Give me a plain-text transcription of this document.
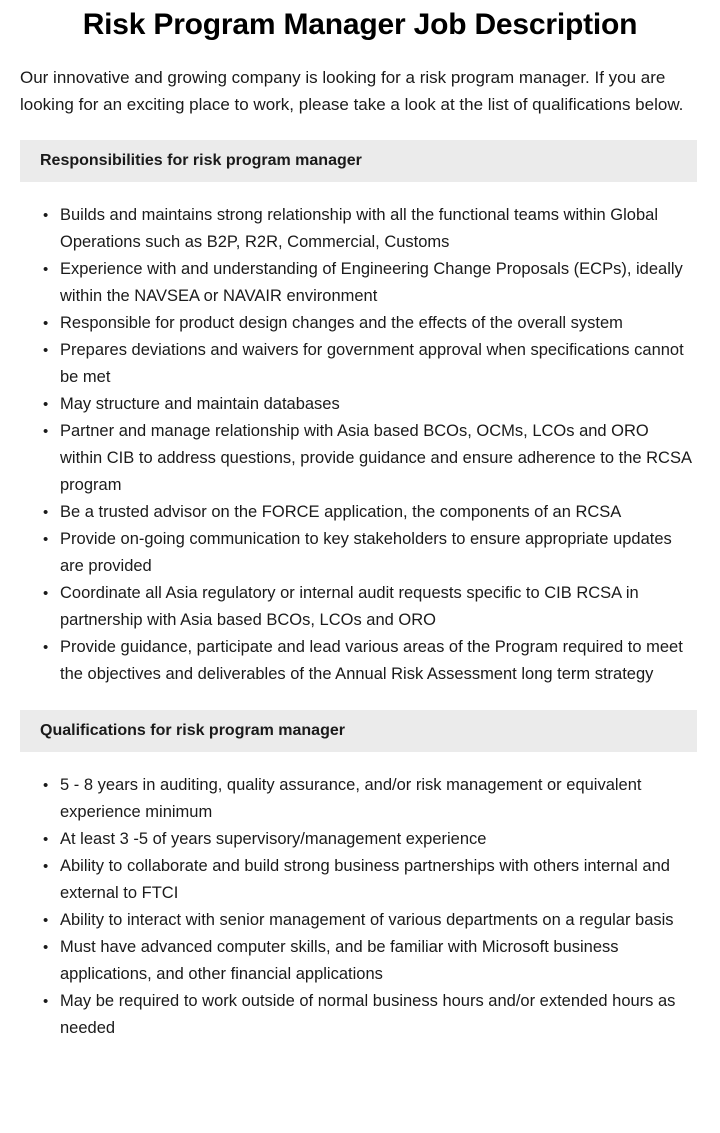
Risk Program Manager Job Description

Our innovative and growing company is looking for a risk program manager. If you are looking for an exciting place to work, please take a look at the list of qualifications below.

Responsibilities for risk program manager
• Builds and maintains strong relationship with all the functional teams within Global Operations such as B2P, R2R, Commercial, Customs
• Experience with and understanding of Engineering Change Proposals (ECPs), ideally within the NAVSEA or NAVAIR environment
• Responsible for product design changes and the effects of the overall system
• Prepares deviations and waivers for government approval when specifications cannot be met
• May structure and maintain databases
• Partner and manage relationship with Asia based BCOs, OCMs, LCOs and ORO within CIB to address questions, provide guidance and ensure adherence to the RCSA program
• Be a trusted advisor on the FORCE application, the components of an RCSA
• Provide on-going communication to key stakeholders to ensure appropriate updates are provided
• Coordinate all Asia regulatory or internal audit requests specific to CIB RCSA in partnership with Asia based BCOs, LCOs and ORO
• Provide guidance, participate and lead various areas of the Program required to meet the objectives and deliverables of the Annual Risk Assessment long term strategy
Qualifications for risk program manager
• 5 - 8 years in auditing, quality assurance, and/or risk management or equivalent experience minimum
• At least 3 -5 of years supervisory/management experience
• Ability to collaborate and build strong business partnerships with others internal and external to FTCI
• Ability to interact with senior management of various departments on a regular basis
• Must have advanced computer skills, and be familiar with Microsoft business applications, and other financial applications
• May be required to work outside of normal business hours and/or extended hours as needed
